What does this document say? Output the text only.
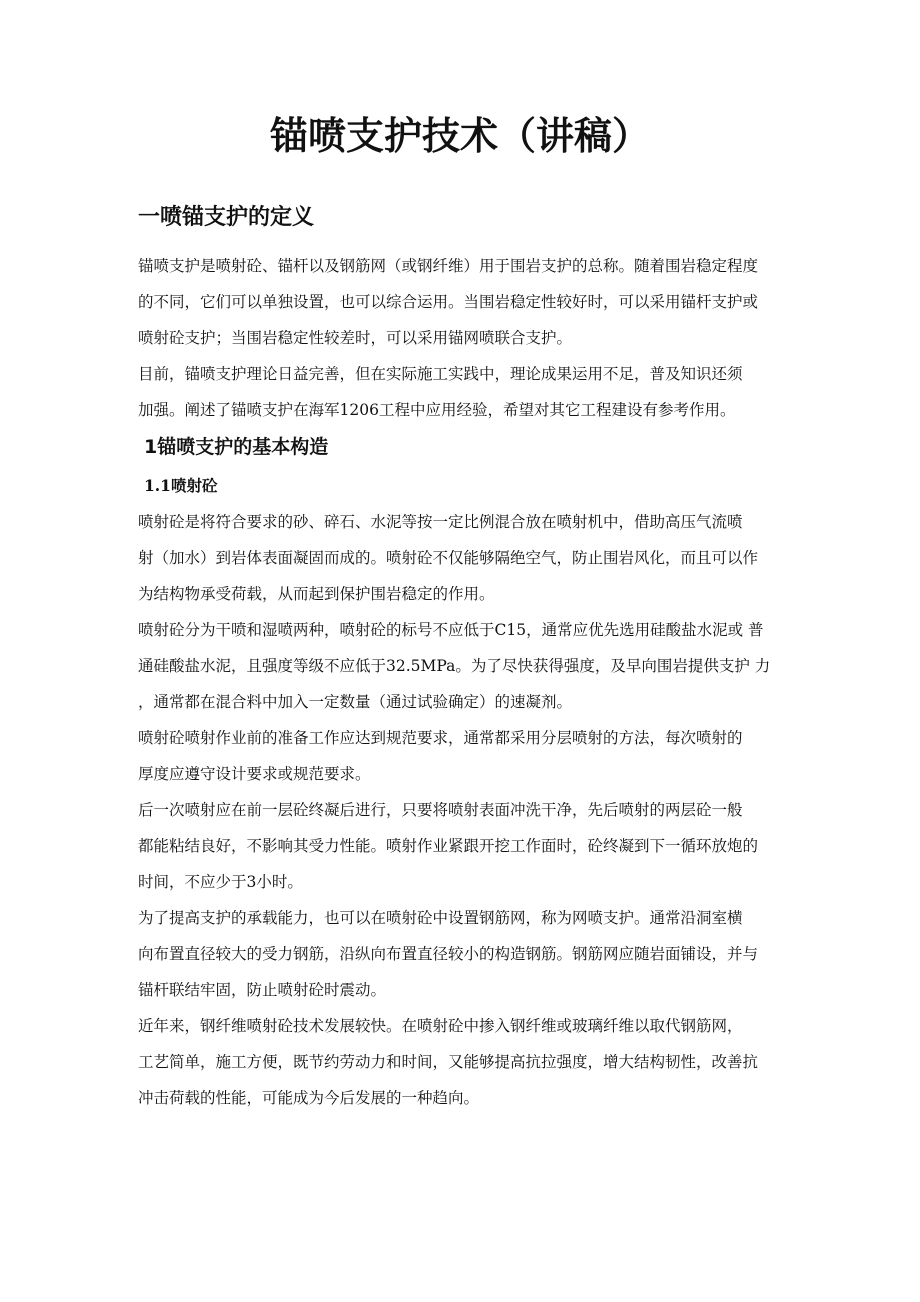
锚喷支护技术（讲稿）
一喷锚支护的定义

锚喷支护是喷射砼、锚杆以及钢筋网（或钢纤维）用于围岩支护的总称。随着围岩稳定程度
的不同，它们可以单独设置，也可以综合运用。当围岩稳定性较好时，可以采用锚杆支护或
喷射砼支护；当围岩稳定性较差时，可以采用锚网喷联合支护。

目前，锚喷支护理论日益完善，但在实际施工实践中，理论成果运用不足，普及知识还须
加强。阐述了锚喷支护在海军1206工程中应用经验，希望对其它工程建设有参考作用。

1锚喷支护的基本构造
1.1喷射砼

喷射砼是将符合要求的砂、碎石、水泥等按一定比例混合放在喷射机中，借助高压气流喷
射（加水）到岩体表面凝固而成的。喷射砼不仅能够隔绝空气，防止围岩风化，而且可以作
为结构物承受荷载，从而起到保护围岩稳定的作用。

喷射砼分为干喷和湿喷两种，喷射砼的标号不应低于C15，通常应优先选用硅酸盐水泥或 普
通硅酸盐水泥，且强度等级不应低于32.5MPa。为了尽快获得强度，及早向围岩提供支护 力
，通常都在混合料中加入一定数量（通过试验确定）的速凝剂。

喷射砼喷射作业前的准备工作应达到规范要求，通常都采用分层喷射的方法，每次喷射的
厚度应遵守设计要求或规范要求。

后一次喷射应在前一层砼终凝后进行，只要将喷射表面冲洗干净，先后喷射的两层砼一般
都能粘结良好，不影响其受力性能。喷射作业紧跟开挖工作面时，砼终凝到下一循环放炮的
时间，不应少于3小时。

为了提高支护的承载能力，也可以在喷射砼中设置钢筋网，称为网喷支护。通常沿洞室横
向布置直径较大的受力钢筋，沿纵向布置直径较小的构造钢筋。钢筋网应随岩面铺设，并与
锚杆联结牢固，防止喷射砼时震动。

近年来，钢纤维喷射砼技术发展较快。在喷射砼中掺入钢纤维或玻璃纤维以取代钢筋网，
工艺简单，施工方便，既节约劳动力和时间，又能够提高抗拉强度，增大结构韧性，改善抗
冲击荷载的性能，可能成为今后发展的一种趋向。
